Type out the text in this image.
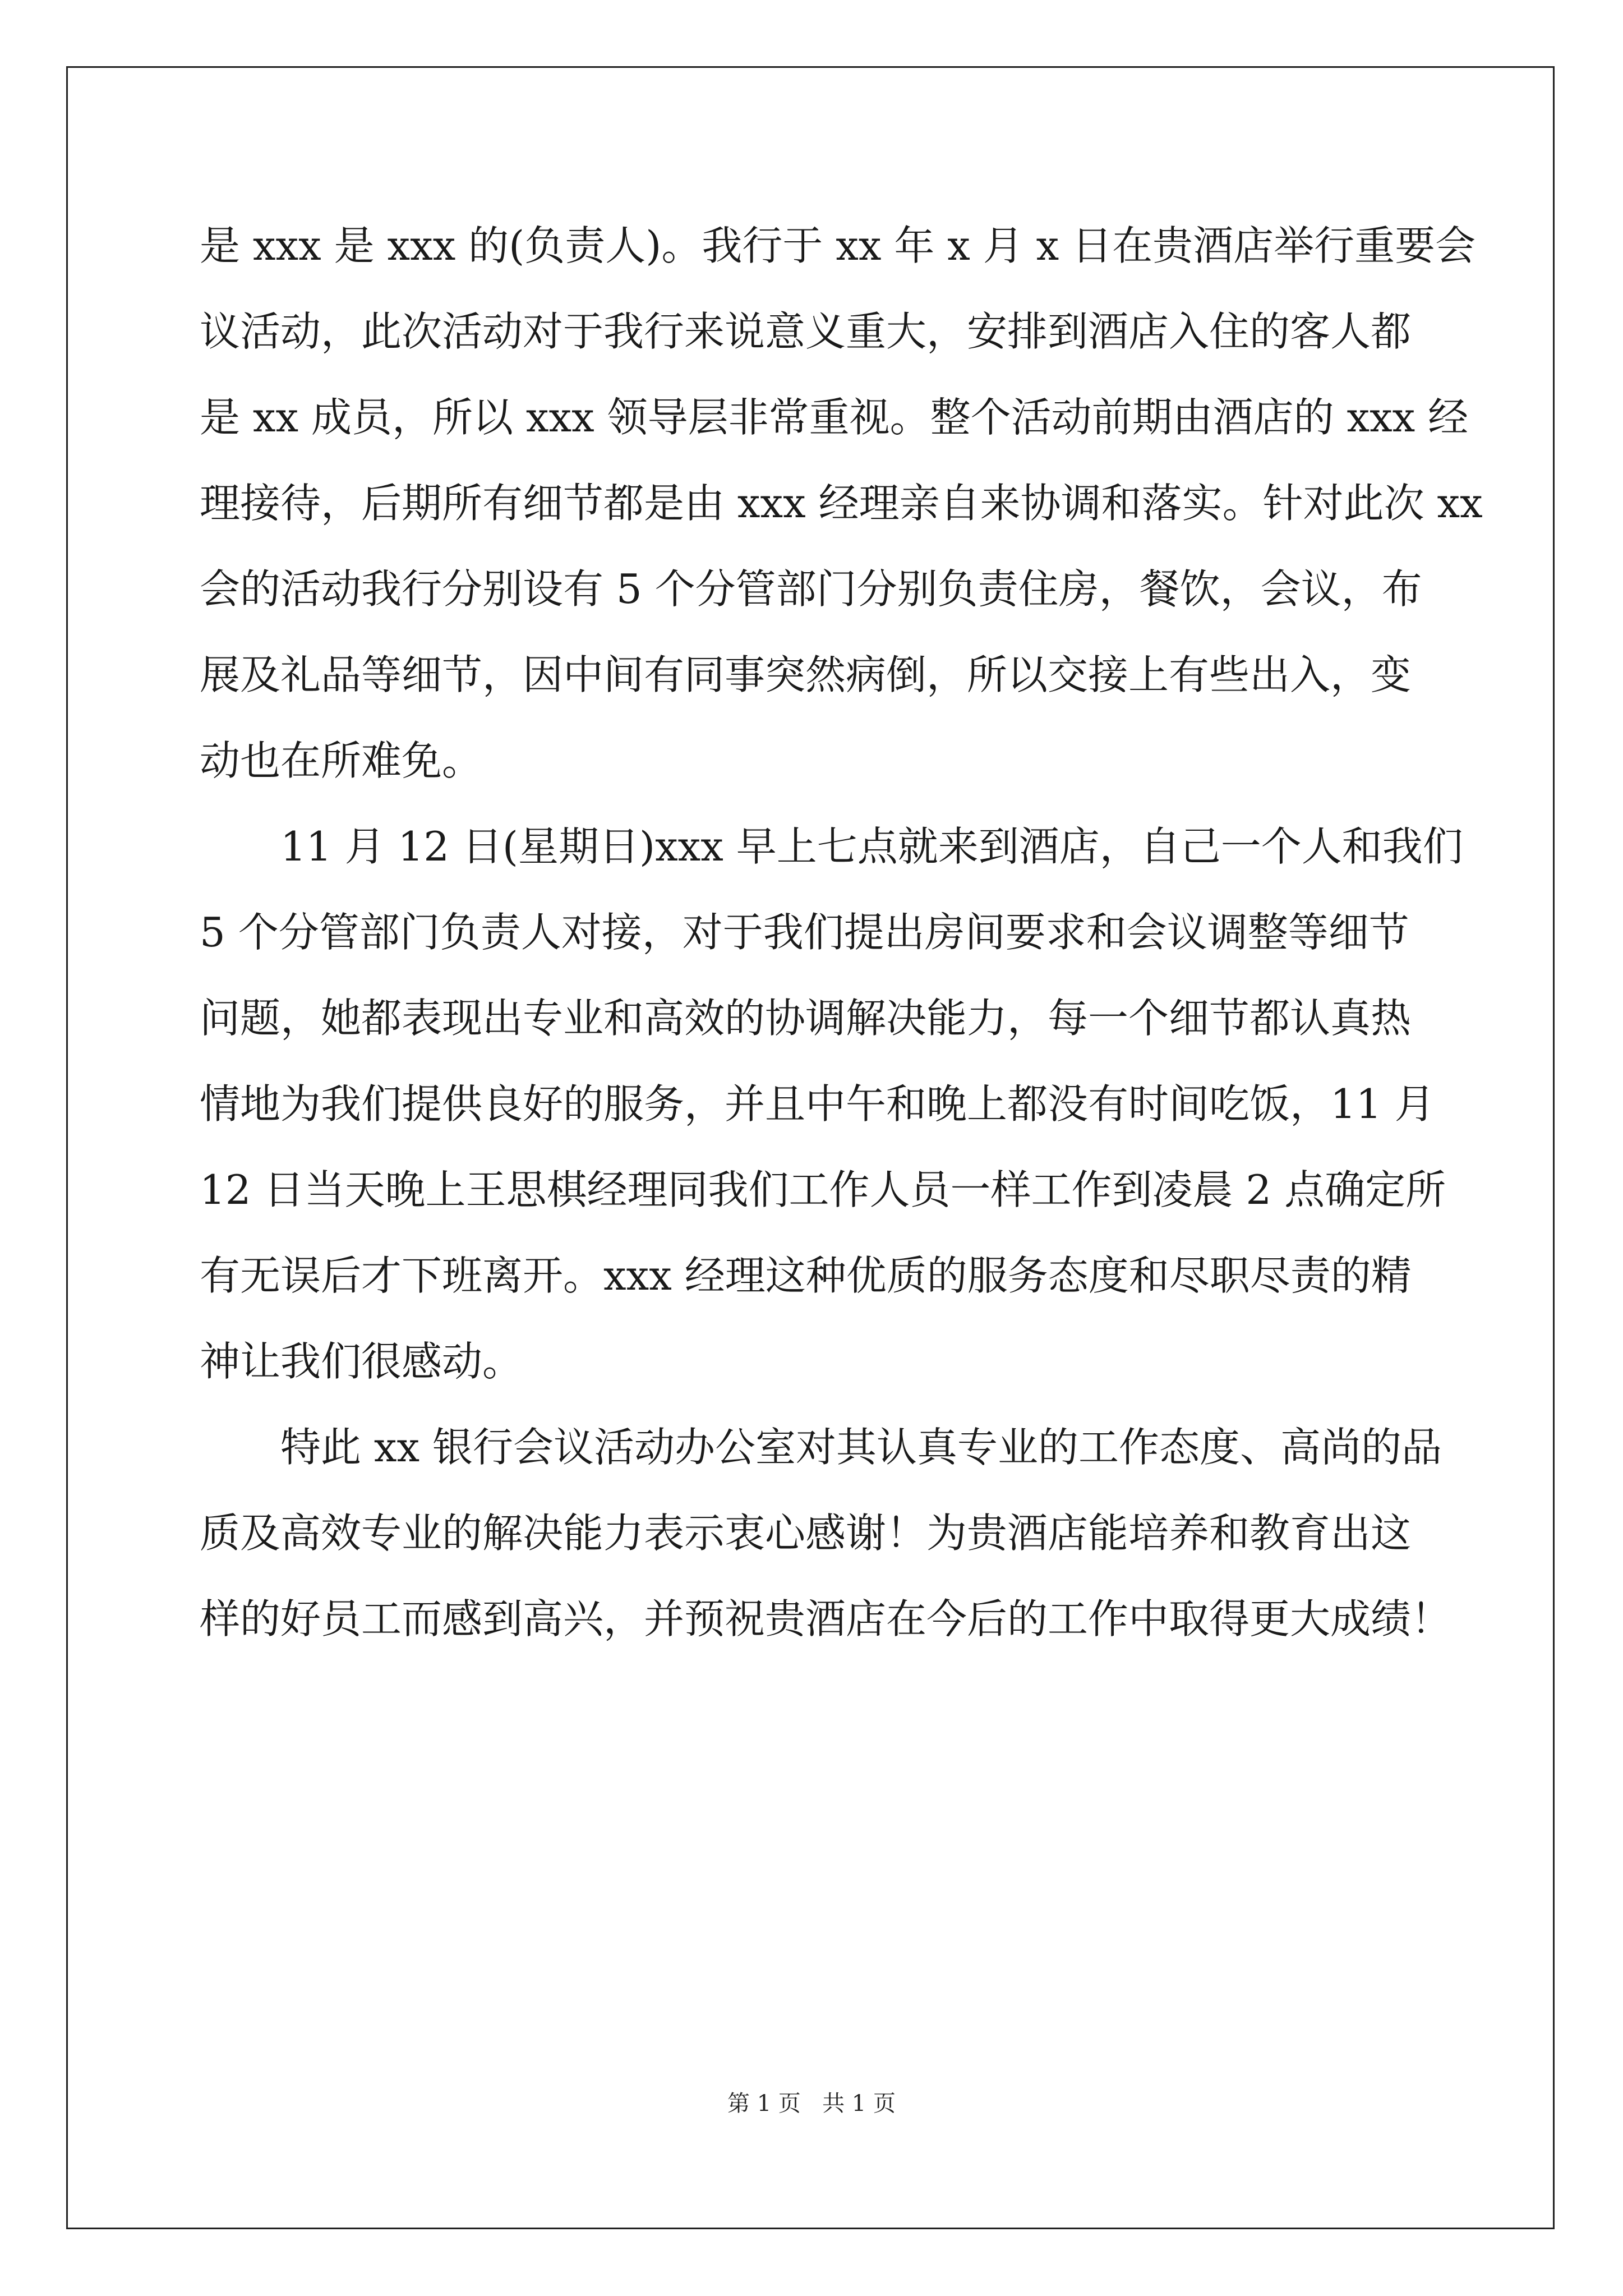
是 xxx 是 xxx 的(负责人)。我行于 xx 年 x 月 x 日在贵酒店举行重要会
议活动，此次活动对于我行来说意义重大，安排到酒店入住的客人都
是 xx 成员，所以 xxx 领导层非常重视。整个活动前期由酒店的 xxx 经
理接待，后期所有细节都是由 xxx 经理亲自来协调和落实。针对此次 xx
会的活动我行分别设有 5 个分管部门分别负责住房，餐饮，会议，布
展及礼品等细节，因中间有同事突然病倒，所以交接上有些出入，变
动也在所难免。
11 月 12 日(星期日)xxx 早上七点就来到酒店，自己一个人和我们
5 个分管部门负责人对接，对于我们提出房间要求和会议调整等细节
问题，她都表现出专业和高效的协调解决能力，每一个细节都认真热
情地为我们提供良好的服务，并且中午和晚上都没有时间吃饭，11 月
12 日当天晚上王思棋经理同我们工作人员一样工作到凌晨 2 点确定所
有无误后才下班离开。xxx 经理这种优质的服务态度和尽职尽责的精
神让我们很感动。
特此 xx 银行会议活动办公室对其认真专业的工作态度、高尚的品
质及高效专业的解决能力表示衷心感谢！为贵酒店能培养和教育出这
样的好员工而感到高兴，并预祝贵酒店在今后的工作中取得更大成绩！
第 1 页   共 1 页
